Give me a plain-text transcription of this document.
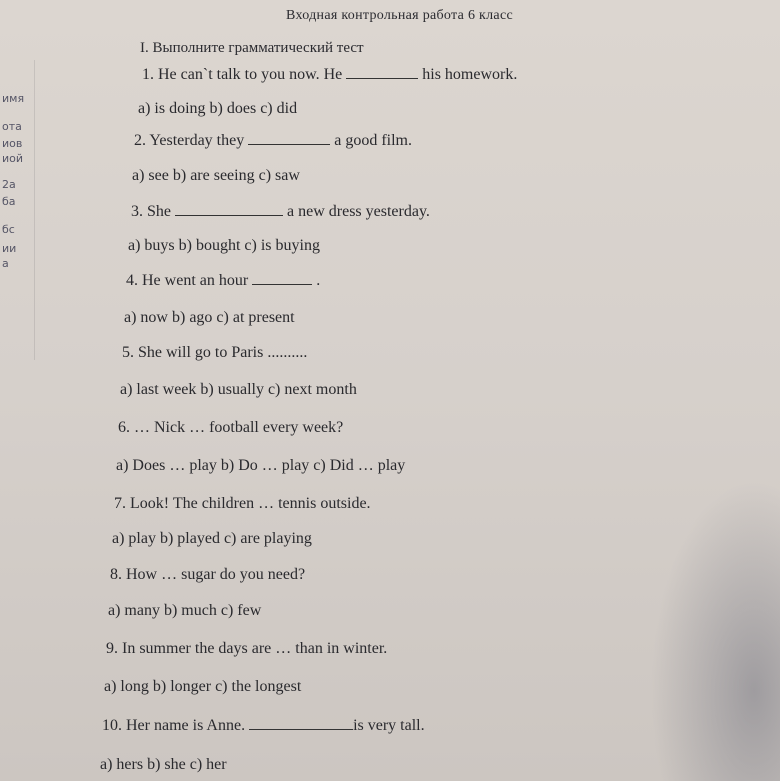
имя
ота
иов
иой
2а
ба
бс
ии
а
Входная контрольная работа 6 класс
I. Выполните грамматический тест
1. He can`t talk to you now. He	his homework.
a) is doing b) does c) did
2. Yesterday they	a good film.
a) see b) are seeing c) saw
3. She	a new dress yesterday.
a) buys b) bought c) is buying
4. He went an hour	.
a) now b) ago c) at present
5. She will go to Paris ..........
a) last week b) usually c) next month
6. … Nick … football every week?
a) Does … play b) Do … play c) Did … play
7. Look! The children … tennis outside.
a) play b) played c) are playing
8. How … sugar do you need?
a) many b) much c) few
9. In summer the days are … than in winter.
a) long b) longer c) the longest
10. Her name is Anne.	is very tall.
a) hers b) she c) her
